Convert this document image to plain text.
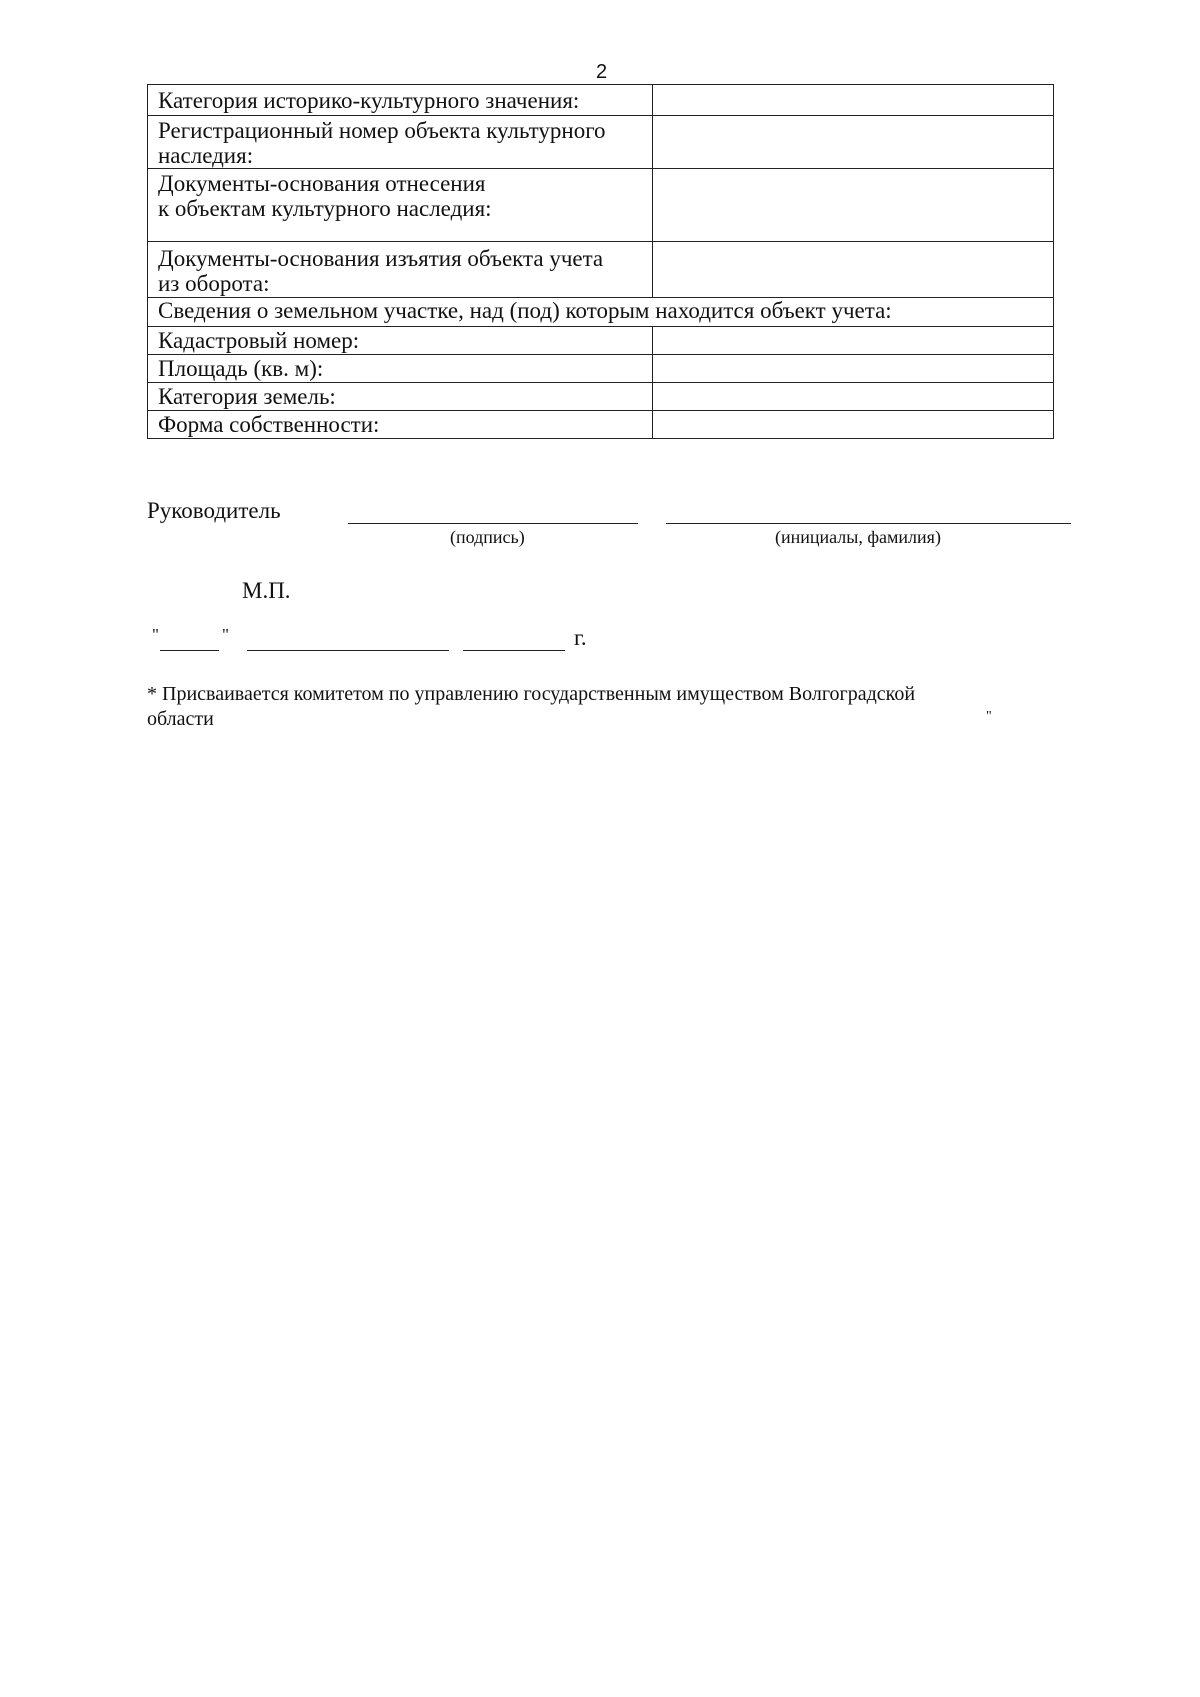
2
Категория историко-культурного значения:	

Регистрационный номер объекта культурного
наследия:	

Документы-основания отнесения
к объектам культурного наследия:	

Документы-основания изъятия объекта учета
из оборота:	

Сведения о земельном участке, над (под) которым находится объект учета:	

Кадастровый номер:	

Площадь (кв. м):	

Категория земель:	

Форма собственности:	

Руководитель
(подпись)	(инициалы, фамилия)
М.П.
"	"	г.
* Присваивается комитетом по управлению государственным имуществом Волгоградской
области	"
